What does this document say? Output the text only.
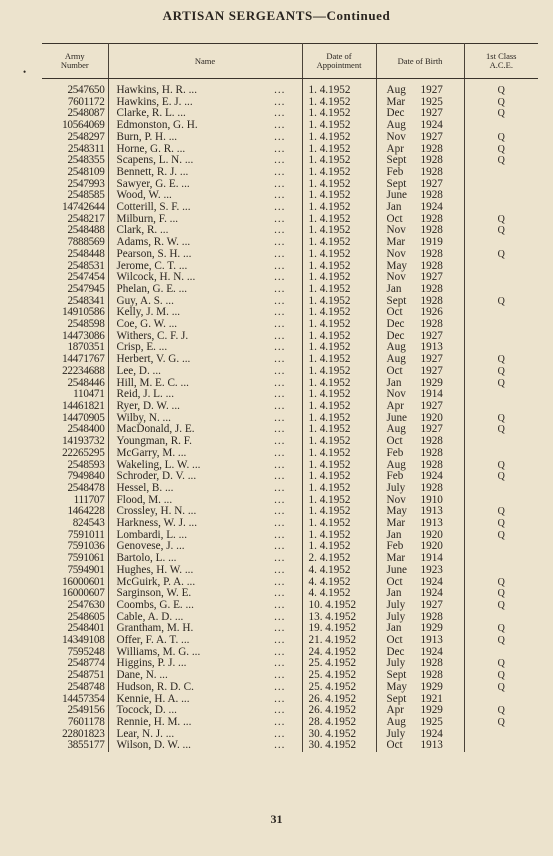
ARTISAN SERGEANTS—Continued
•
Army
Number	Name		Date of
Appointment	Date of Birth	1st Class
A.C.E.

2547650	Hawkins, H. R. ...	...	1. 4.1952	Aug 1927	Q
7601172	Hawkins, E. J. ...	...	1. 4.1952	Mar 1925	Q
2548087	Clarke, R. L. ...	...	1. 4.1952	Dec 1927	Q
10564069	Edmonston, G. H.	...	1. 4.1952	Aug 1924	
2548297	Burn, P. H. ...	...	1. 4.1952	Nov 1927	Q
2548311	Horne, G. R. ...	...	1. 4.1952	Apr 1928	Q
2548355	Scapens, L. N. ...	...	1. 4.1952	Sept 1928	Q
2548109	Bennett, R. J. ...	...	1. 4.1952	Feb 1928	
2547993	Sawyer, G. E. ...	...	1. 4.1952	Sept 1927	
2548585	Wood, W. ...	...	1. 4.1952	June 1928	
14742644	Cotterill, S. F. ...	...	1. 4.1952	Jan 1924	
2548217	Milburn, F. ...	...	1. 4.1952	Oct 1928	Q
2548488	Clark, R. ...	...	1. 4.1952	Nov 1928	Q
7888569	Adams, R. W. ...	...	1. 4.1952	Mar 1919	
2548448	Pearson, S. H. ...	...	1. 4.1952	Nov 1928	Q
2548531	Jerome, C. T. ...	...	1. 4.1952	May 1928	
2547454	Wilcock, H. N. ...	...	1. 4.1952	Nov 1927	
2547945	Phelan, G. E. ...	...	1. 4.1952	Jan 1928	
2548341	Guy, A. S. ...	...	1. 4.1952	Sept 1928	Q
14910586	Kelly, J. M. ...	...	1. 4.1952	Oct 1926	
2548598	Coe, G. W. ...	...	1. 4.1952	Dec 1928	
14473086	Withers, C. F. J.	...	1. 4.1952	Dec 1927	
1870351	Crisp, E. ...	...	1. 4.1952	Aug 1913	
14471767	Herbert, V. G. ...	...	1. 4.1952	Aug 1927	Q
22234688	Lee, D. ...	...	1. 4.1952	Oct 1927	Q
2548446	Hill, M. E. C. ...	...	1. 4.1952	Jan 1929	Q
110471	Reid, J. L. ...	...	1. 4.1952	Nov 1914	
14461821	Ryer, D. W. ...	...	1. 4.1952	Apr 1927	
14470905	Wilby, N. ...	...	1. 4.1952	June 1920	Q
2548400	MacDonald, J. E.	...	1. 4.1952	Aug 1927	Q
14193732	Youngman, R. F.	...	1. 4.1952	Oct 1928	
22265295	McGarry, M. ...	...	1. 4.1952	Feb 1928	
2548593	Wakeling, L. W. ...	...	1. 4.1952	Aug 1928	Q
7949840	Schroder, D. V. ...	...	1. 4.1952	Feb 1924	Q
2548478	Hessel, B. ...	...	1. 4.1952	July 1928	
111707	Flood, M. ...	...	1. 4.1952	Nov 1910	
1464228	Crossley, H. N. ...	...	1. 4.1952	May 1913	Q
824543	Harkness, W. J. ...	...	1. 4.1952	Mar 1913	Q
7591011	Lombardi, L. ...	...	1. 4.1952	Jan 1920	Q
7591036	Genovese, J. ...	...	1. 4.1952	Feb 1920	
7591061	Bartolo, L. ...	...	2. 4.1952	Mar 1914	
7594901	Hughes, H. W. ...	...	4. 4.1952	June 1923	
16000601	McGuirk, P. A. ...	...	4. 4.1952	Oct 1924	Q
16000607	Sarginson, W. E.	...	4. 4.1952	Jan 1924	Q
2547630	Coombs, G. E. ...	...	10. 4.1952	July 1927	Q
2548605	Cable, A. D. ...	...	13. 4.1952	July 1928	
2548401	Grantham, M. H.	...	19. 4.1952	Jan 1929	Q
14349108	Offer, F. A. T. ...	...	21. 4.1952	Oct 1913	Q
7595248	Williams, M. G. ...	...	24. 4.1952	Dec 1924	
2548774	Higgins, P. J. ...	...	25. 4.1952	July 1928	Q
2548751	Dane, N. ...	...	25. 4.1952	Sept 1928	Q
2548748	Hudson, R. D. C.	...	25. 4.1952	May 1929	Q
14457354	Kennie, H. A. ...	...	26. 4.1952	Sept 1921	
2549156	Tocock, D. ...	...	26. 4.1952	Apr 1929	Q
7601178	Rennie, H. M. ...	...	28. 4.1952	Aug 1925	Q
22801823	Lear, N. J. ...	...	30. 4.1952	July 1924	
3855177	Wilson, D. W. ...	...	30. 4.1952	Oct 1913	
31
